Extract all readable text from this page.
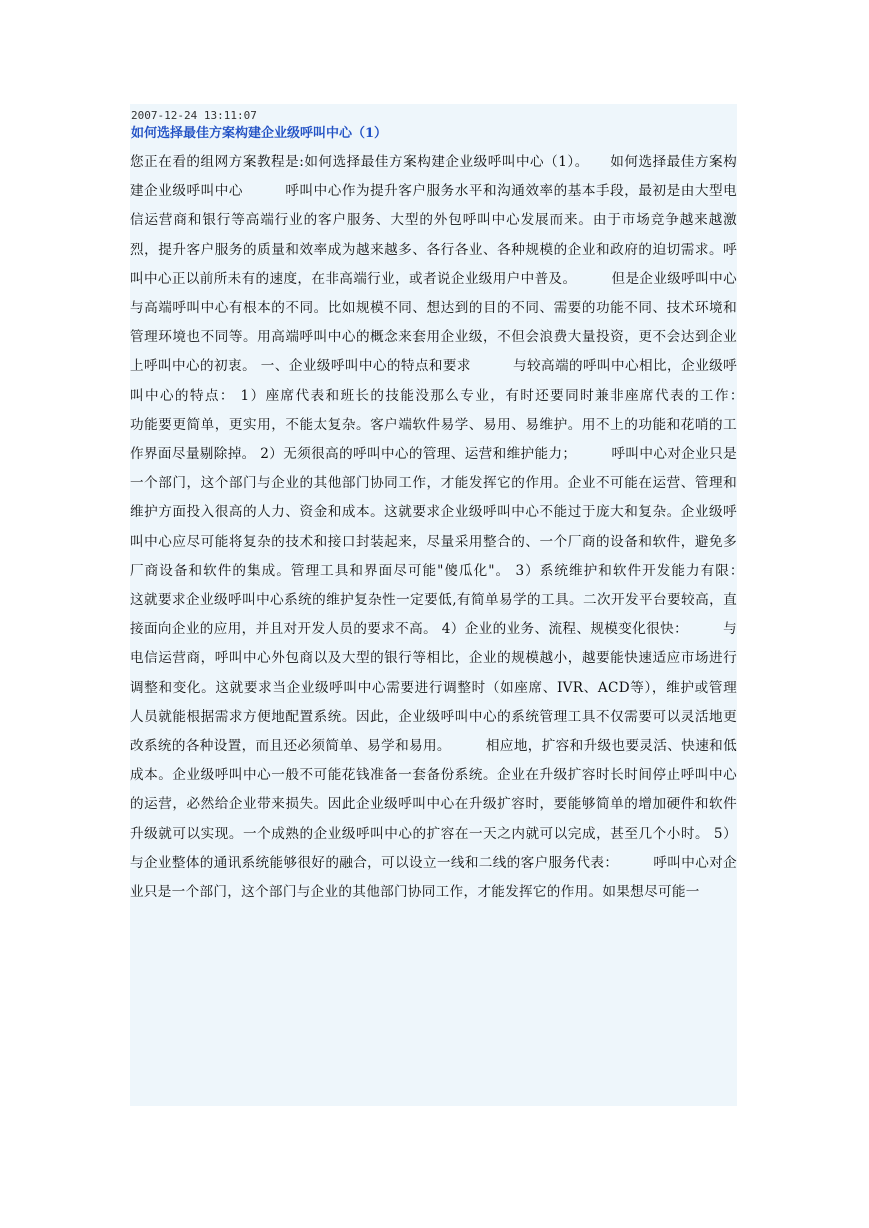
2007-12-24 13:11:07
如何选择最佳方案构建企业级呼叫中心（1）

您正在看的组网方案教程是:如何选择最佳方案构建企业级呼叫中心（1）。　　如何选择最佳方案构建企业级呼叫中心　　　呼叫中心作为提升客户服务水平和沟通效率的基本手段，最初是由大型电信运营商和银行等高端行业的客户服务、大型的外包呼叫中心发展而来。由于市场竞争越来越激烈，提升客户服务的质量和效率成为越来越多、各行各业、各种规模的企业和政府的迫切需求。呼叫中心正以前所未有的速度，在非高端行业，或者说企业级用户中普及。　　　但是企业级呼叫中心与高端呼叫中心有根本的不同。比如规模不同、想达到的目的不同、需要的功能不同、技术环境和管理环境也不同等。用高端呼叫中心的概念来套用企业级，不但会浪费大量投资，更不会达到企业上呼叫中心的初衷。 一、企业级呼叫中心的特点和要求　　　与较高端的呼叫中心相比，企业级呼叫中心的特点： 1）座席代表和班长的技能没那么专业，有时还要同时兼非座席代表的工作：　　　功能要更简单，更实用，不能太复杂。客户端软件易学、易用、易维护。用不上的功能和花哨的工作界面尽量剔除掉。 2）无须很高的呼叫中心的管理、运营和维护能力；　　　呼叫中心对企业只是一个部门，这个部门与企业的其他部门协同工作，才能发挥它的作用。企业不可能在运营、管理和维护方面投入很高的人力、资金和成本。这就要求企业级呼叫中心不能过于庞大和复杂。企业级呼叫中心应尽可能将复杂的技术和接口封装起来，尽量采用整合的、一个厂商的设备和软件，避免多厂商设备和软件的集成。管理工具和界面尽可能"傻瓜化"。 3）系统维护和软件开发能力有限：　　　这就要求企业级呼叫中心系统的维护复杂性一定要低,有简单易学的工具。二次开发平台要较高，直接面向企业的应用，并且对开发人员的要求不高。 4）企业的业务、流程、规模变化很快：　　　与电信运营商，呼叫中心外包商以及大型的银行等相比，企业的规模越小，越要能快速适应市场进行调整和变化。这就要求当企业级呼叫中心需要进行调整时（如座席、IVR、ACD等），维护或管理人员就能根据需求方便地配置系统。因此，企业级呼叫中心的系统管理工具不仅需要可以灵活地更改系统的各种设置，而且还必须简单、易学和易用。　　　相应地，扩容和升级也要灵活、快速和低成本。企业级呼叫中心一般不可能花钱准备一套备份系统。企业在升级扩容时长时间停止呼叫中心的运营，必然给企业带来损失。因此企业级呼叫中心在升级扩容时，要能够简单的增加硬件和软件升级就可以实现。一个成熟的企业级呼叫中心的扩容在一天之内就可以完成，甚至几个小时。 5）与企业整体的通讯系统能够很好的融合，可以设立一线和二线的客户服务代表：　　　呼叫中心对企业只是一个部门，这个部门与企业的其他部门协同工作，才能发挥它的作用。如果想尽可能一
